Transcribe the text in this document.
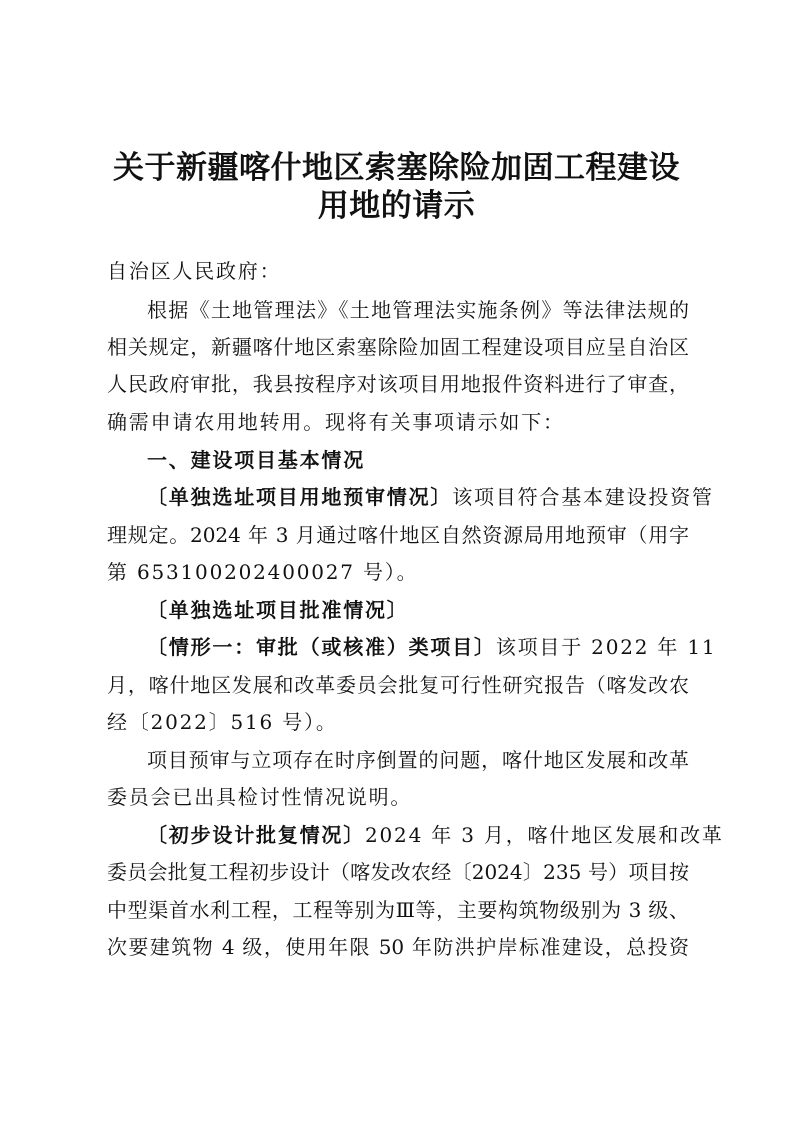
关于新疆喀什地区索塞除险加固工程建设
用地的请示
自治区人民政府：
根据《土地管理法》《土地管理法实施条例》等法律法规的
相关规定，新疆喀什地区索塞除险加固工程建设项目应呈自治区
人民政府审批，我县按程序对该项目用地报件资料进行了审查，
确需申请农用地转用。现将有关事项请示如下：
一、建设项目基本情况
〔单独选址项目用地预审情况〕该项目符合基本建设投资管
理规定。2024 年 3 月通过喀什地区自然资源局用地预审（用字
第 653100202400027 号）。
〔单独选址项目批准情况〕
〔情形一：审批（或核准）类项目〕该项目于 2022 年 11
月，喀什地区发展和改革委员会批复可行性研究报告（喀发改农
经〔2022〕516 号）。
项目预审与立项存在时序倒置的问题，喀什地区发展和改革
委员会已出具检讨性情况说明。
〔初步设计批复情况〕2024 年 3 月，喀什地区发展和改革
委员会批复工程初步设计（喀发改农经〔2024〕235 号）项目按
中型渠首水利工程，工程等别为Ⅲ等，主要构筑物级别为 3 级、
次要建筑物 4 级，使用年限 50 年防洪护岸标准建设，总投资
